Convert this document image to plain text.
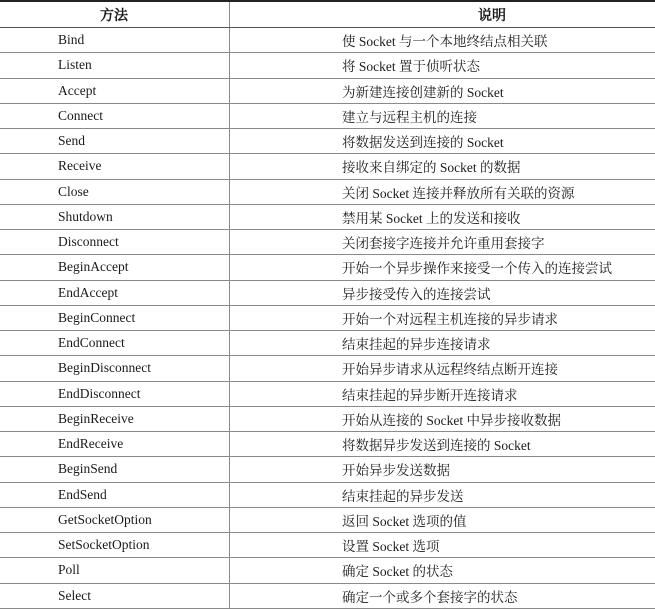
方法	说明
Bind	使 Socket 与一个本地终结点相关联
Listen	将 Socket 置于侦听状态
Accept	为新建连接创建新的 Socket
Connect	建立与远程主机的连接
Send	将数据发送到连接的 Socket
Receive	接收来自绑定的 Socket 的数据
Close	关闭 Socket 连接并释放所有关联的资源
Shutdown	禁用某 Socket 上的发送和接收
Disconnect	关闭套接字连接并允许重用套接字
BeginAccept	开始一个异步操作来接受一个传入的连接尝试
EndAccept	异步接受传入的连接尝试
BeginConnect	开始一个对远程主机连接的异步请求
EndConnect	结束挂起的异步连接请求
BeginDisconnect	开始异步请求从远程终结点断开连接
EndDisconnect	结束挂起的异步断开连接请求
BeginReceive	开始从连接的 Socket 中异步接收数据
EndReceive	将数据异步发送到连接的 Socket
BeginSend	开始异步发送数据
EndSend	结束挂起的异步发送
GetSocketOption	返回 Socket 选项的值
SetSocketOption	设置 Socket 选项
Poll	确定 Socket 的状态
Select	确定一个或多个套接字的状态
